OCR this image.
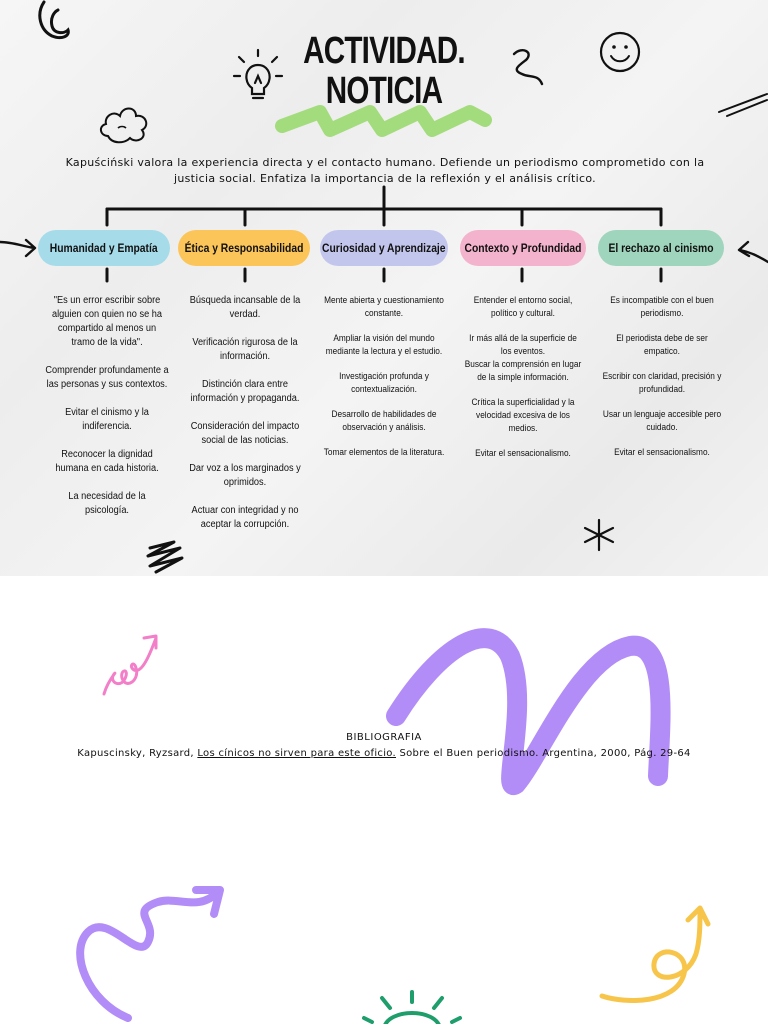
ACTIVIDAD.
NOTICIA
Kapuściński valora la experiencia directa y el contacto humano. Defiende un periodismo comprometido con la justicia social. Enfatiza la importancia de la reflexión y el análisis crítico.
Humanidad y Empatía Ética y Responsabilidad Curiosidad y Aprendizaje Contexto y Profundidad El rechazo al cinismo

"Es un error escribir sobre alguien con quien no se ha compartido al menos un tramo de la vida".

Comprender profundamente a las personas y sus contextos.

Evitar el cinismo y la indiferencia.

Reconocer la dignidad humana en cada historia.

La necesidad de la psicología.

Búsqueda incansable de la verdad.

Verificación rigurosa de la información.

Distinción clara entre información y propaganda.

Consideración del impacto social de las noticias.

Dar voz a los marginados y oprimidos.

Actuar con integridad y no aceptar la corrupción.

Mente abierta y cuestionamiento constante.

Ampliar la visión del mundo mediante la lectura y el estudio.

Investigación profunda y contextualización.

Desarrollo de habilidades de observación y análisis.

Tomar elementos de la literatura.

Entender el entorno social, político y cultural.

Ir más allá de la superficie de los eventos.

Buscar la comprensión en lugar de la simple información.

Crítica la superficialidad y la velocidad excesiva de los medios.

Evitar el sensacionalismo.

Es incompatible con el buen periodismo.

El periodista debe de ser empatico.

Escribir con claridad, precisión y profundidad.

Usar un lenguaje accesible pero cuidado.

Evitar el sensacionalismo.

BIBLIOGRAFIA
Kapuscinsky, Ryzsard, Los cínicos no sirven para este oficio. Sobre el Buen periodismo. Argentina, 2000, Pág. 29-64
